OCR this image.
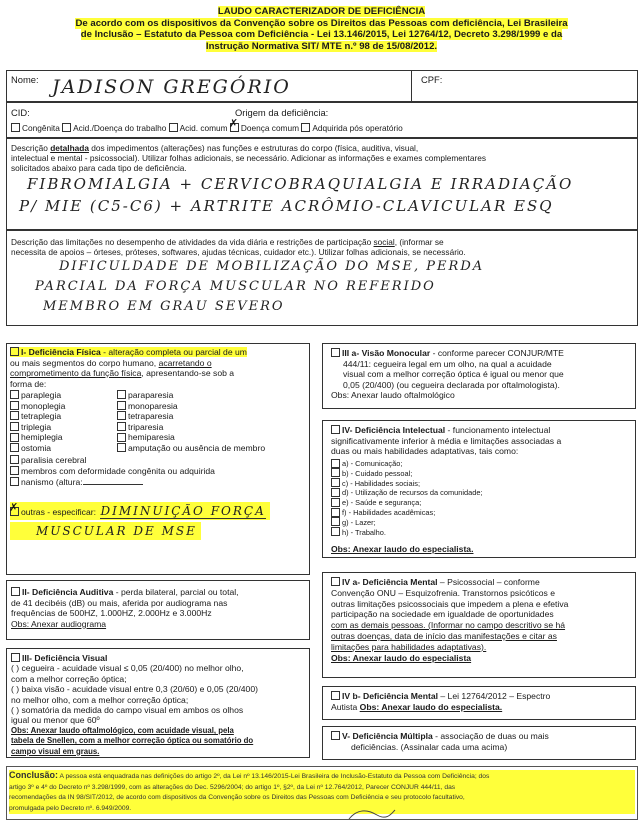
LAUDO CARACTERIZADOR DE DEFICIÊNCIA
De acordo com os dispositivos da Convenção sobre os Direitos das Pessoas com deficiência, Lei Brasileira
de Inclusão – Estatuto da Pessoa com Deficiência - Lei 13.146/2015, Lei 12764/12, Decreto 3.298/1999 e da
Instrução Normativa SIT/ MTE n.º 98 de 15/08/2012.
Nome: JADISON GREGÓRIO	CPF:
CID:	Origem da deficiência:
Congênita Acid./Doença do trabalho Acid. comum ✗ Doença comum Adquirida pós operatório
Descrição detalhada dos impedimentos (alterações) nas funções e estruturas do corpo (física, auditiva, visual,
intelectual e mental - psicossocial). Utilizar folhas adicionais, se necessário. Adicionar as informações e exames complementares
solicitados abaixo para cada tipo de deficiência.
FIBROMIALGIA + CERVICOBRAQUIALGIA E IRRADIAÇÃO
P/ MIE (C5-C6) + ARTRITE ACRÔMIO-CLAVICULAR ESQ
Descrição das limitações no desempenho de atividades da vida diária e restrições de participação social, (informar se
necessita de apoios – órteses, próteses, softwares, ajudas técnicas, cuidador etc.). Utilizar folhas adicionais, se necessário.
DIFICULDADE DE MOBILIZAÇÃO DO MSE, PERDA
PARCIAL DA FORÇA MUSCULAR NO REFERIDO
MEMBRO EM GRAU SEVERO
I- Deficiência Física - alteração completa ou parcial de um
ou mais segmentos do corpo humano, acarretando o
comprometimento da função física, apresentando-se sob a
forma de:
paraplegia
monoplegia
tetraplegia
triplegia
hemiplegia
ostomia
paraparesia
monoparesia
tetraparesia
triparesia
hemiparesia
amputação ou ausência de membro
paralisia cerebral
membros com deformidade congênita ou adquirida
nanismo (altura:
✗outras - especificar: DIMINUIÇÃO FORÇA MUSCULAR DE MSE
III a- Visão Monocular - conforme parecer CONJUR/MTE
444/11: cegueira legal em um olho, na qual a acuidade
visual com a melhor correção óptica é igual ou menor que
0,05 (20/400) (ou cegueira declarada por oftalmologista).
Obs: Anexar laudo oftalmológico
IV- Deficiência Intelectual - funcionamento intelectual
significativamente inferior à média e limitações associadas a
duas ou mais habilidades adaptativas, tais como:
a) - Comunicação;
b) - Cuidado pessoal;
c) - Habilidades sociais;
d) - Utilização de recursos da comunidade;
e) - Saúde e segurança;
f) - Habilidades acadêmicas;
g) - Lazer;
h) - Trabalho.
Obs: Anexar laudo do especialista.
II- Deficiência Auditiva - perda bilateral, parcial ou total,
de 41 decibéis (dB) ou mais, aferida por audiograma nas
frequências de 500HZ, 1.000HZ, 2.000Hz e 3.000Hz
Obs: Anexar audiograma
IV a- Deficiência Mental – Psicossocial – conforme
Convenção ONU – Esquizofrenia. Transtornos psicóticos e
outras limitações psicossociais que impedem a plena e efetiva
participação na sociedade em igualdade de oportunidades
com as demais pessoas. (Informar no campo descritivo se há
outras doenças, data de início das manifestações e citar as
limitações para habilidades adaptativas).
Obs: Anexar laudo do especialista
III- Deficiência Visual
( ) cegueira - acuidade visual ≤ 0,05 (20/400) no melhor olho,
com a melhor correção óptica;
( ) baixa visão - acuidade visual entre 0,3 (20/60) e 0,05 (20/400)
no melhor olho, com a melhor correção óptica;
( ) somatória da medida do campo visual em ambos os olhos
igual ou menor que 60º
Obs: Anexar laudo oftalmológico, com acuidade visual, pela
tabela de Snellen, com a melhor correção óptica ou somatório do
campo visual em graus.
IV b- Deficiência Mental – Lei 12764/2012 – Espectro
Autista Obs: Anexar laudo do especialista.
V- Deficiência Múltipla - associação de duas ou mais
deficiências. (Assinalar cada uma acima)
Conclusão: A pessoa está enquadrada nas definições do artigo 2º, da Lei nº 13.146/2015-Lei Brasileira de Inclusão-Estatuto da Pessoa com Deficiência; dos
artigo 3º e 4º do Decreto nº 3.298/1999, com as alterações do Dec. 5296/2004; do artigo 1º, §2º, da Lei nº 12.764/2012, Parecer CONJUR 444/11, das
recomendações da IN 98/SIT/2012, de acordo com dispositivos da Convenção sobre os Direitos das Pessoas com Deficiência e seu protocolo facultativo,
promulgada pelo Decreto nº. 6.949/2009.
